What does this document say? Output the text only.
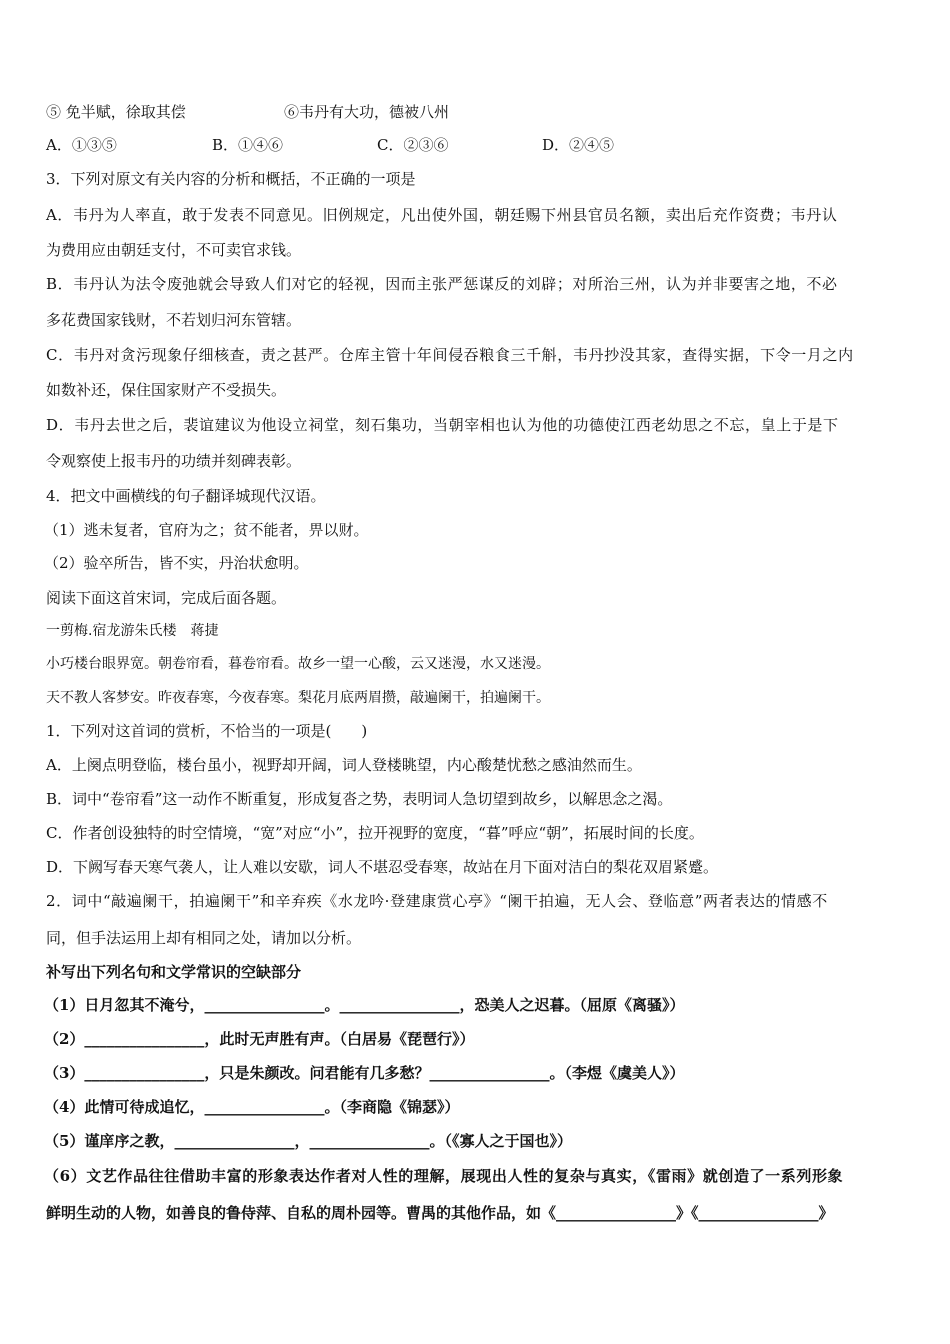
⑤ 免半赋，徐取其偿	⑥韦丹有大功，德被八州
A．①③⑤	B．①④⑥	C．②③⑥	D．②④⑤
3．下列对原文有关内容的分析和概括，不正确的一项是
A．韦丹为人率直，敢于发表不同意见。旧例规定，凡出使外国，朝廷赐下州县官员名额，卖出后充作资费；韦丹认
为费用应由朝廷支付，不可卖官求钱。
B．韦丹认为法令废弛就会导致人们对它的轻视，因而主张严惩谋反的刘辟；对所治三州，认为并非要害之地，不必
多花费国家钱财，不若划归河东管辖。
C．韦丹对贪污现象仔细核查，责之甚严。仓库主管十年间侵吞粮食三千斛，韦丹抄没其家，查得实据，下令一月之内
如数补还，保住国家财产不受损失。
D．韦丹去世之后，裴谊建议为他设立祠堂，刻石集功，当朝宰相也认为他的功德使江西老幼思之不忘，皇上于是下
令观察使上报韦丹的功绩并刻碑表彰。
4．把文中画横线的句子翻译城现代汉语。
（1）逃未复者，官府为之；贫不能者，畀以财。
（2）验卒所告，皆不实，丹治状愈明。
阅读下面这首宋词，完成后面各题。
一剪梅.宿龙游朱氏楼　蒋捷
小巧楼台眼界宽。朝卷帘看，暮卷帘看。故乡一望一心酸，云又迷漫，水又迷漫。
天不教人客梦安。昨夜春寒，今夜春寒。梨花月底两眉攒，敲遍阑干，拍遍阑干。
1．下列对这首词的赏析，不恰当的一项是(　　)
A．上阕点明登临，楼台虽小，视野却开阔，词人登楼眺望，内心酸楚忧愁之感油然而生。
B．词中“卷帘看”这一动作不断重复，形成复沓之势，表明词人急切望到故乡，以解思念之渴。
C．作者创设独特的时空情境，“宽”对应“小”，拉开视野的宽度，“暮”呼应“朝”，拓展时间的长度。
D．下阙写春天寒气袭人，让人难以安歇，词人不堪忍受春寒，故站在月下面对洁白的梨花双眉紧蹙。
2．词中“敲遍阑干，拍遍阑干”和辛弃疾《水龙吟·登建康赏心亭》“阑干拍遍，无人会、登临意”两者表达的情感不
同，但手法运用上却有相同之处，请加以分析。
补写出下列名句和文学常识的空缺部分
（1）日月忽其不淹兮，________________。________________，恐美人之迟暮。（屈原《离骚》）
（2）________________，此时无声胜有声。（白居易《琵琶行》）
（3）________________，只是朱颜改。问君能有几多愁？________________。（李煜《虞美人》）
（4）此情可待成追忆，________________。（李商隐《锦瑟》）
（5）谨庠序之教，________________，________________。（《寡人之于国也》）
（6）文艺作品往往借助丰富的形象表达作者对人性的理解，展现出人性的复杂与真实，《雷雨》就创造了一系列形象
鲜明生动的人物，如善良的鲁侍萍、自私的周朴园等。曹禺的其他作品，如《________________》《________________》
